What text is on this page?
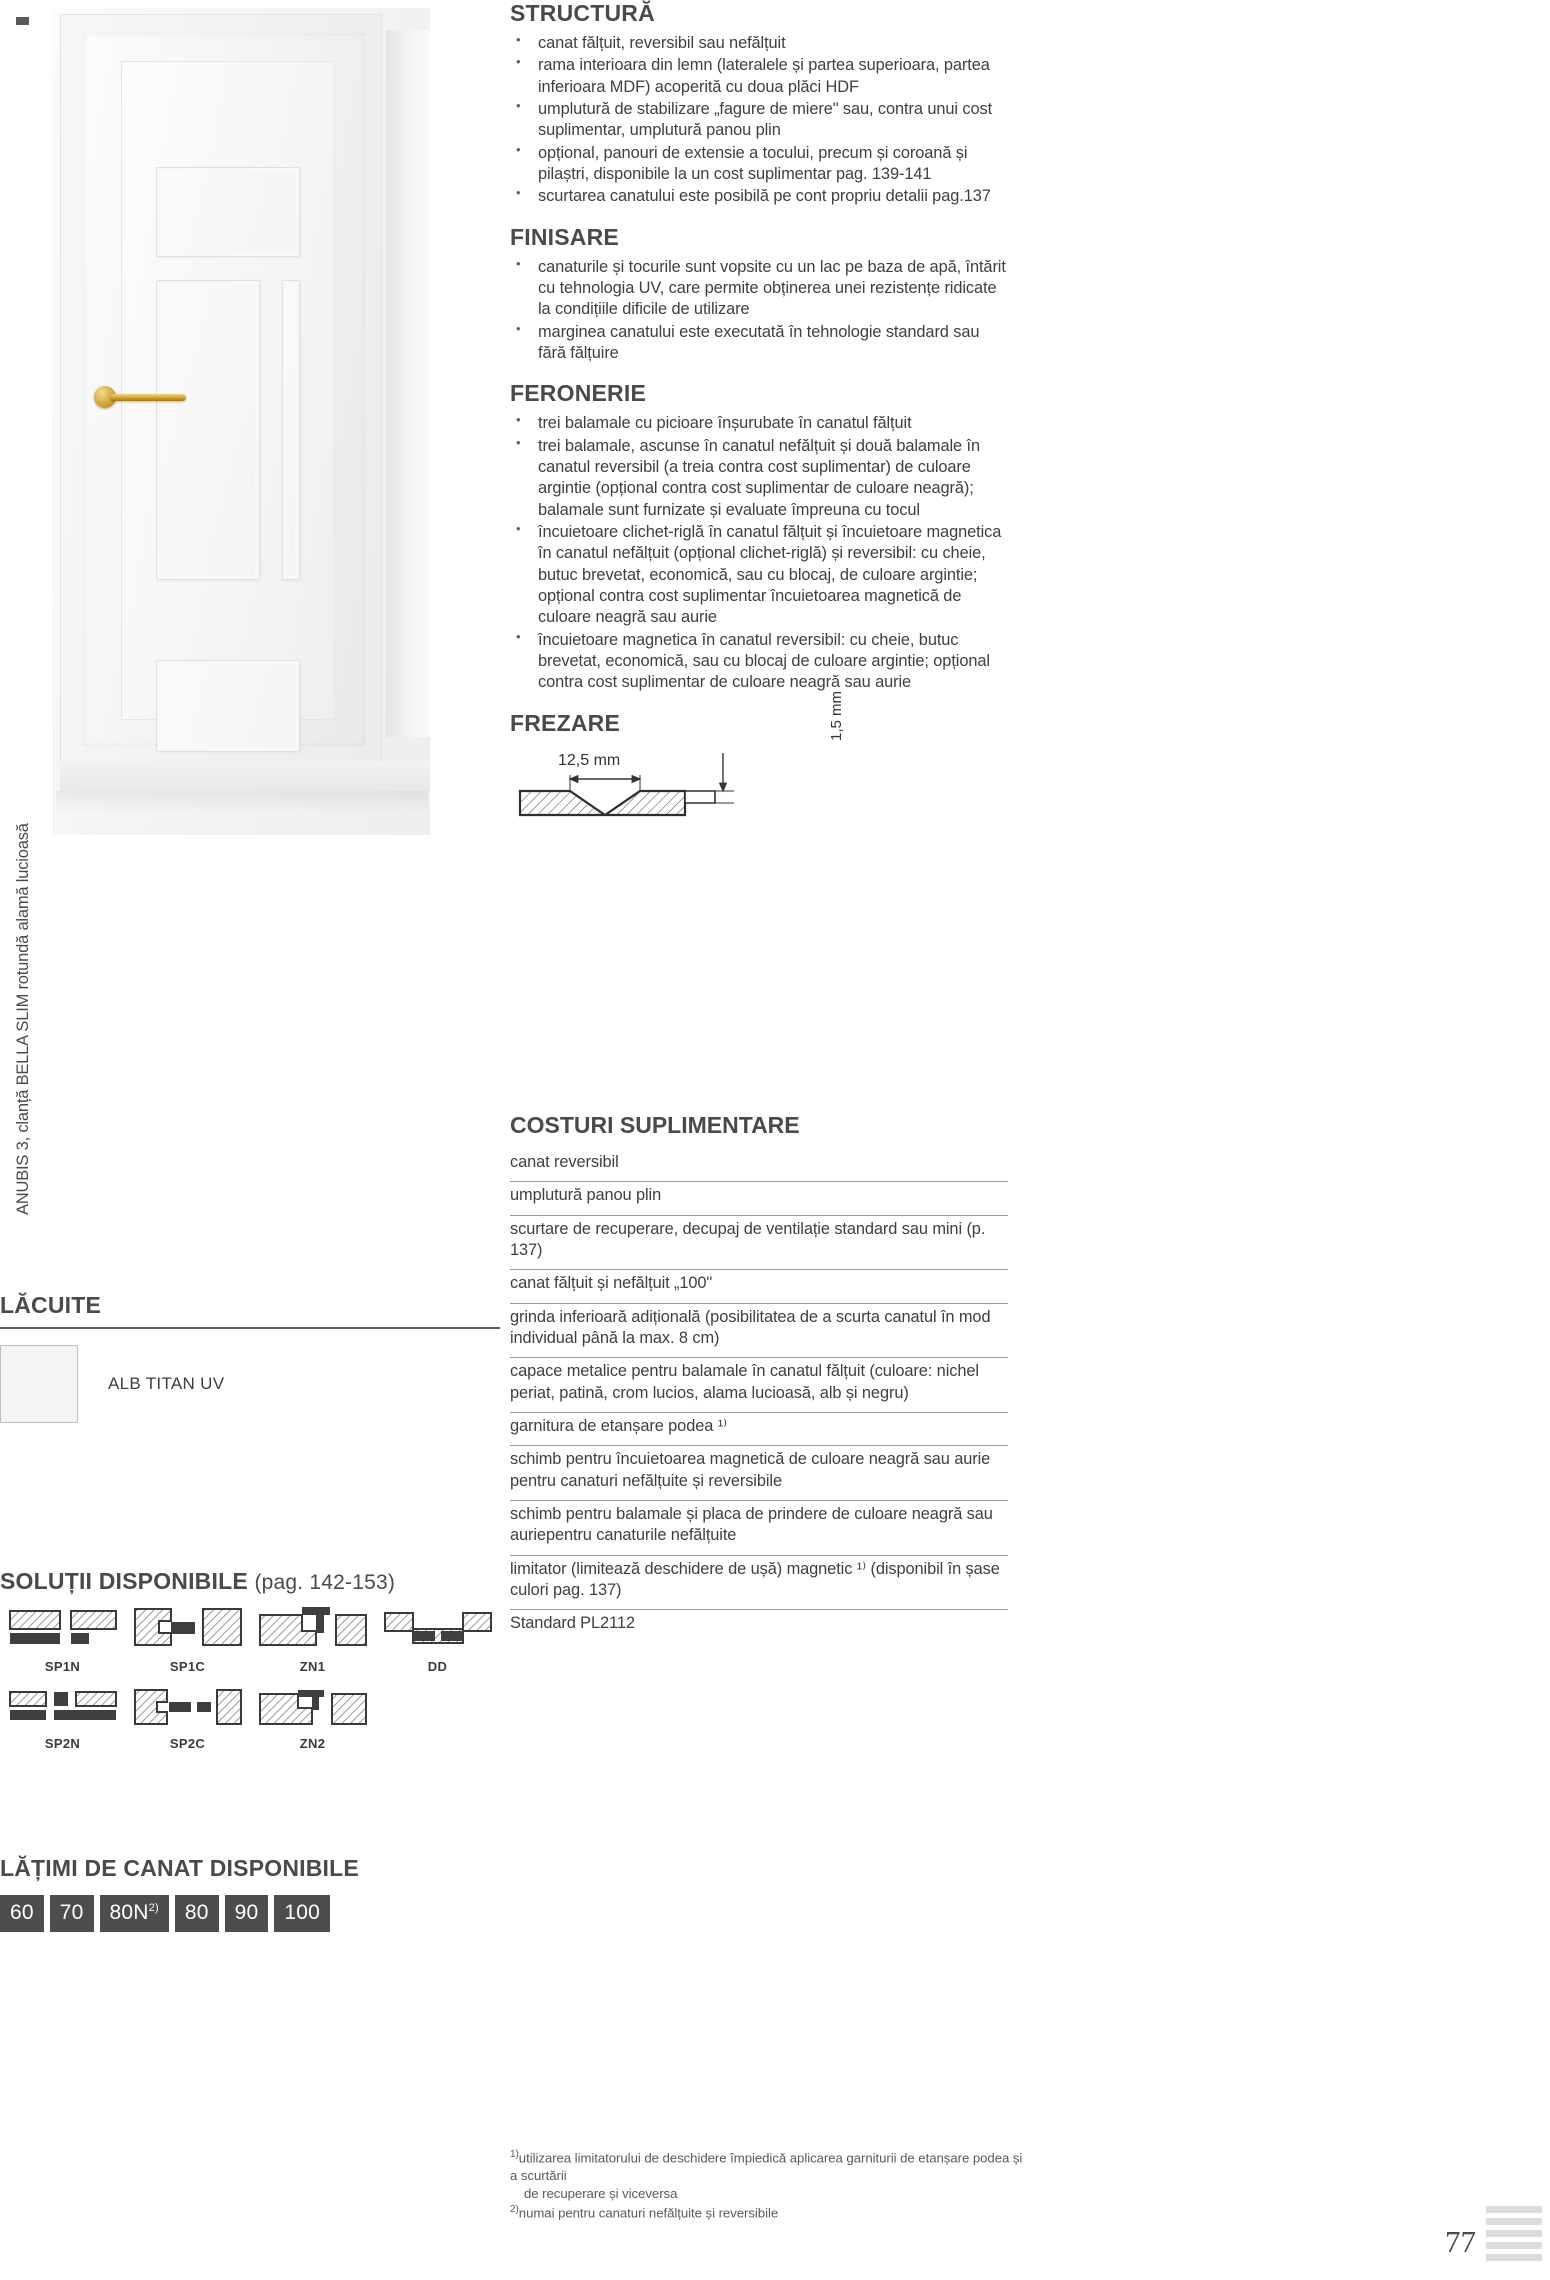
ANUBIS 3, clanță BELLA SLIM rotundă alamă lucioasă
LĂCUITE
ALB TITAN UV
SOLUȚII DISPONIBILE (pag. 142-153)
SP1N	SP1C	ZN1	DD
SP2N	SP2C	ZN2
LĂȚIMI DE CANAT DISPONIBILE
60	70	$80N^{2)}$	80	90	100
STRUCTURĂ
• canat fălțuit, reversibil sau nefălțuit
• rama interioara din lemn (lateralele și partea superioara, partea inferioara MDF) acoperită cu doua plăci HDF
• umplutură de stabilizare „fagure de miere" sau, contra unui cost suplimentar, umplutură panou plin
• opțional, panouri de extensie a tocului, precum și coroană și pilaștri, disponibile la un cost suplimentar pag. 139-141
• scurtarea canatului este posibilă pe cont propriu detalii pag.137
FINISARE
• canaturile și tocurile sunt vopsite cu un lac pe baza de apă, întărit cu tehnologia UV, care permite obținerea unei rezistențe ridicate la condițiile dificile de utilizare
• marginea canatului este executată în tehnologie standard sau fără fălțuire
FERONERIE
• trei balamale cu picioare înșurubate în canatul fălțuit
• trei balamale, ascunse în canatul nefălțuit și două balamale în canatul reversibil (a treia contra cost suplimentar) de culoare argintie (opțional contra cost suplimentar de culoare neagră); balamale sunt furnizate și evaluate împreuna cu tocul
• încuietoare clichet-riglă în canatul fălțuit și încuietoare magnetica în canatul nefălțuit (opțional clichet-riglă) și reversibil: cu cheie, butuc brevetat, economică, sau cu blocaj, de culoare argintie; opțional contra cost suplimentar încuietoarea magnetică de culoare neagră sau aurie
• încuietoare magnetica în canatul reversibil: cu cheie, butuc brevetat, economică, sau cu blocaj de culoare argintie; opțional contra cost suplimentar de culoare neagră sau aurie
FREZARE
12,5 mm
1,5 mm
COSTURI SUPLIMENTARE
canat reversibil
umplutură panou plin
scurtare de recuperare, decupaj de ventilație standard sau mini (p. 137)
canat fălțuit și nefălțuit „100"
grinda inferioară adițională (posibilitatea de a scurta canatul în mod individual până la max. 8 cm)
capace metalice pentru balamale în canatul fălțuit (culoare: nichel periat, patină, crom lucios, alama lucioasă, alb și negru)
garnitura de etanșare podea ¹⁾
schimb pentru încuietoarea magnetică de culoare neagră sau aurie pentru canaturi nefălțuite și reversibile
schimb pentru balamale și placa de prindere de culoare neagră sau auriepentru canaturile nefălțuite
limitator (limitează deschidere de ușă) magnetic ¹⁾ (disponibil în șase culori pag. 137)
Standard PL2112
$^{1)}$utilizarea limitatorului de deschidere împiedică aplicarea garniturii de etanșare podea și a scurtării
de recuperare și viceversa
$^{2)}$numai pentru canaturi nefălțuite și reversibile
77
